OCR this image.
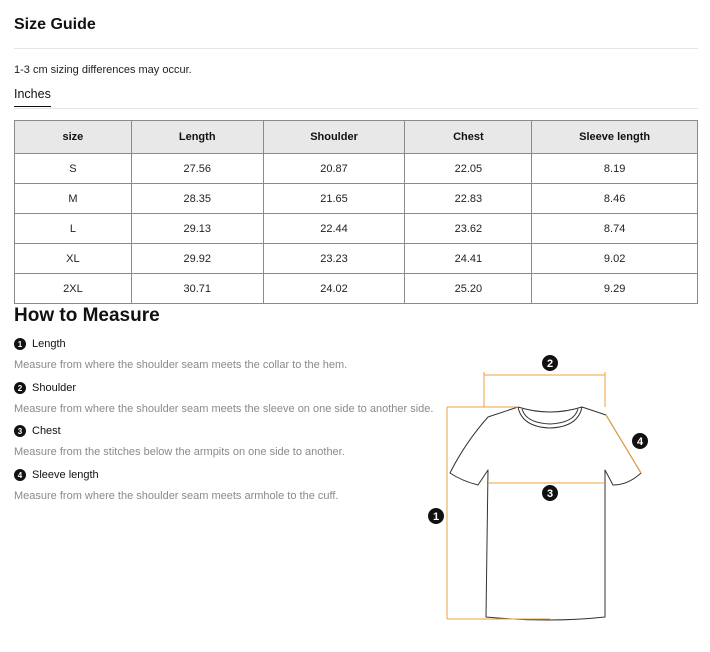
Size Guide
1-3 cm sizing differences may occur.
Inches
size	Length	Shoulder	Chest	Sleeve length
S	27.56	20.87	22.05	8.19
M	28.35	21.65	22.83	8.46
L	29.13	22.44	23.62	8.74
XL	29.92	23.23	24.41	9.02
2XL	30.71	24.02	25.20	9.29
How to Measure
1 Length
Measure from where the shoulder seam meets the collar to the hem.
2 Shoulder
Measure from where the shoulder seam meets the sleeve on one side to another side.
3 Chest
Measure from the stitches below the armpits on one side to another.
4 Sleeve length
Measure from where the shoulder seam meets armhole to the cuff.
2
4
3
1
